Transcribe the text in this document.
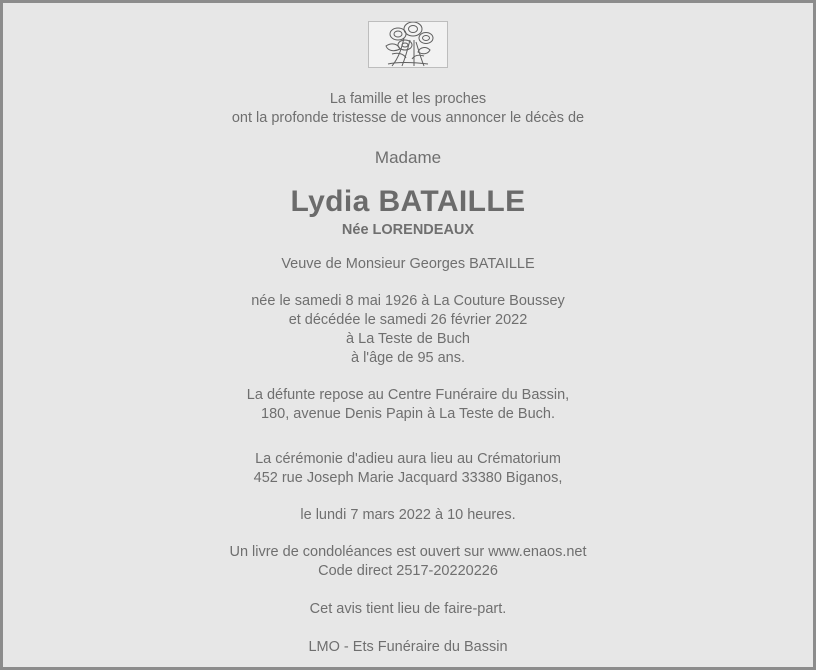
La famille et les proches
ont la profonde tristesse de vous annoncer le décès de
Madame
Lydia BATAILLE
Née LORENDEAUX
Veuve de Monsieur Georges BATAILLE
née le samedi 8 mai 1926 à La Couture Boussey
et décédée le samedi 26 février 2022
à La Teste de Buch
à l'âge de 95 ans.
La défunte repose au Centre Funéraire du Bassin,
180, avenue Denis Papin à La Teste de Buch.
La cérémonie d'adieu aura lieu au Crématorium
452 rue Joseph Marie Jacquard 33380 Biganos,
le lundi 7 mars 2022 à 10 heures.
Un livre de condoléances est ouvert sur www.enaos.net
Code direct 2517-20220226
Cet avis tient lieu de faire-part.
LMO - Ets Funéraire du Bassin
